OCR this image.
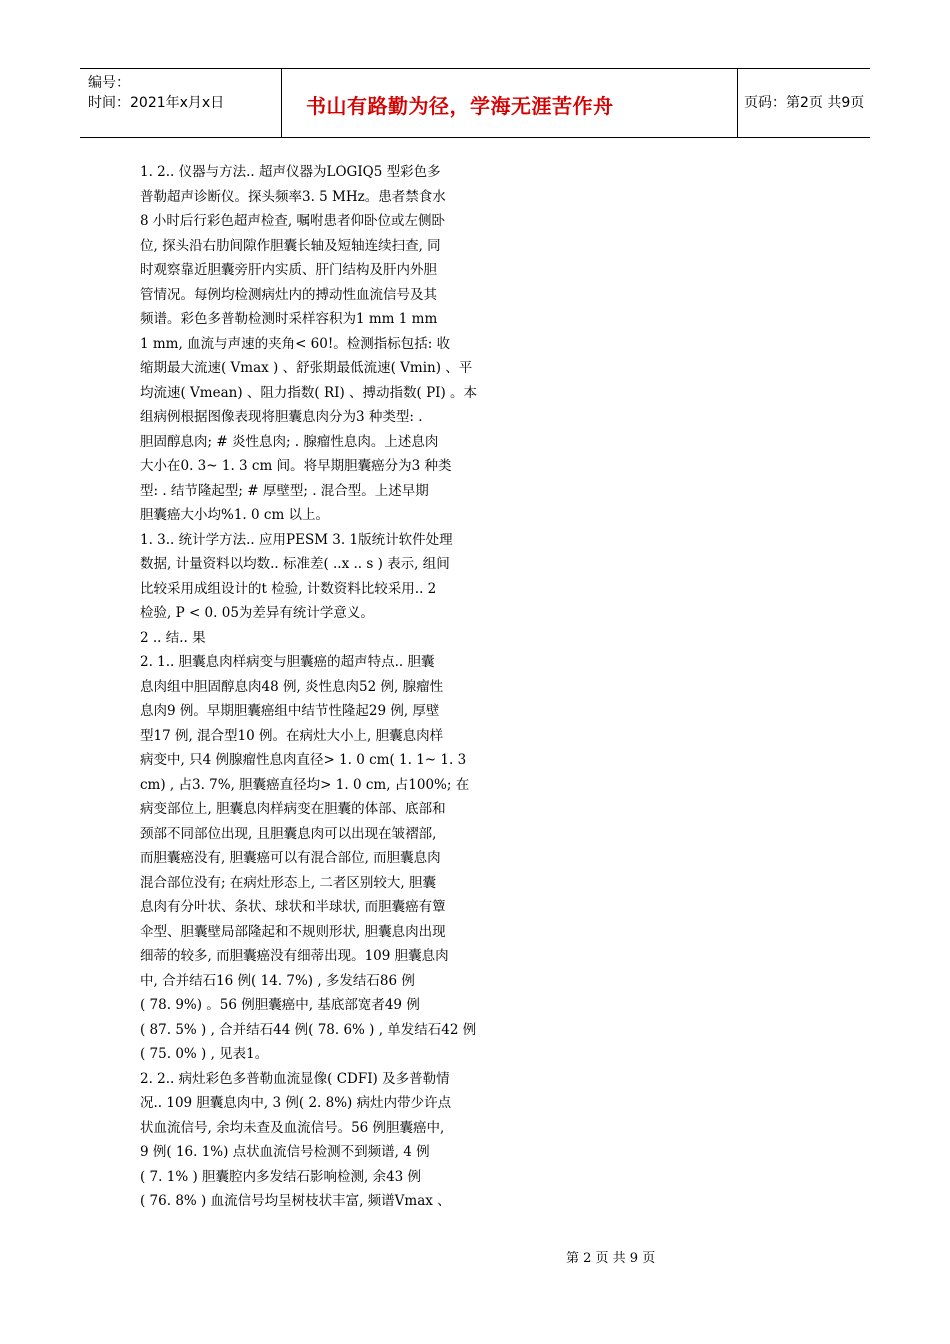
编号：
时间：2021年x月x日	书山有路勤为径，学海无涯苦作舟	页码：第2页 共9页
1. 2.. 仪器与方法.. 超声仪器为LOGIQ5 型彩色多
普勒超声诊断仪。探头频率3. 5 MHz。患者禁食水
8 小时后行彩色超声检查, 嘱咐患者仰卧位或左侧卧
位, 探头沿右肋间隙作胆囊长轴及短轴连续扫查, 同
时观察靠近胆囊旁肝内实质、肝门结构及肝内外胆
管情况。每例均检测病灶内的搏动性血流信号及其
频谱。彩色多普勒检测时采样容积为1 mm 1 mm
1 mm, 血流与声速的夹角< 60!。检测指标包括: 收
缩期最大流速( Vmax ) 、舒张期最低流速( Vmin) 、平
均流速( Vmean) 、阻力指数( RI) 、搏动指数( PI) 。本
组病例根据图像表现将胆囊息肉分为3 种类型: .
胆固醇息肉; # 炎性息肉; . 腺瘤性息肉。上述息肉
大小在0. 3~ 1. 3 cm 间。将早期胆囊癌分为3 种类
型: . 结节隆起型; # 厚壁型; . 混合型。上述早期
胆囊癌大小均%1. 0 cm 以上。
1. 3.. 统计学方法.. 应用PESM 3. 1版统计软件处理
数据, 计量资料以均数.. 标准差( ..x .. s ) 表示, 组间
比较采用成组设计的t 检验, 计数资料比较采用.. 2
检验, P < 0. 05为差异有统计学意义。
2 .. 结.. 果
2. 1.. 胆囊息肉样病变与胆囊癌的超声特点.. 胆囊
息肉组中胆固醇息肉48 例, 炎性息肉52 例, 腺瘤性
息肉9 例。早期胆囊癌组中结节性隆起29 例, 厚壁
型17 例, 混合型10 例。在病灶大小上, 胆囊息肉样
病变中, 只4 例腺瘤性息肉直径> 1. 0 cm( 1. 1~ 1. 3
cm) , 占3. 7%, 胆囊癌直径均> 1. 0 cm, 占100%; 在
病变部位上, 胆囊息肉样病变在胆囊的体部、底部和
颈部不同部位出现, 且胆囊息肉可以出现在皱褶部,
而胆囊癌没有, 胆囊癌可以有混合部位, 而胆囊息肉
混合部位没有; 在病灶形态上, 二者区别较大, 胆囊
息肉有分叶状、条状、球状和半球状, 而胆囊癌有簟
伞型、胆囊壁局部隆起和不规则形状, 胆囊息肉出现
细蒂的较多, 而胆囊癌没有细蒂出现。109 胆囊息肉
中, 合并结石16 例( 14. 7%) , 多发结石86 例
( 78. 9%) 。56 例胆囊癌中, 基底部宽者49 例
( 87. 5% ) , 合并结石44 例( 78. 6% ) , 单发结石42 例
( 75. 0% ) , 见表1。
2. 2.. 病灶彩色多普勒血流显像( CDFI) 及多普勒情
况.. 109 胆囊息肉中, 3 例( 2. 8%) 病灶内带少许点
状血流信号, 余均未查及血流信号。56 例胆囊癌中,
9 例( 16. 1%) 点状血流信号检测不到频谱, 4 例
( 7. 1% ) 胆囊腔内多发结石影响检测, 余43 例
( 76. 8% ) 血流信号均呈树枝状丰富, 频谱Vmax 、
第 2 页 共 9 页
